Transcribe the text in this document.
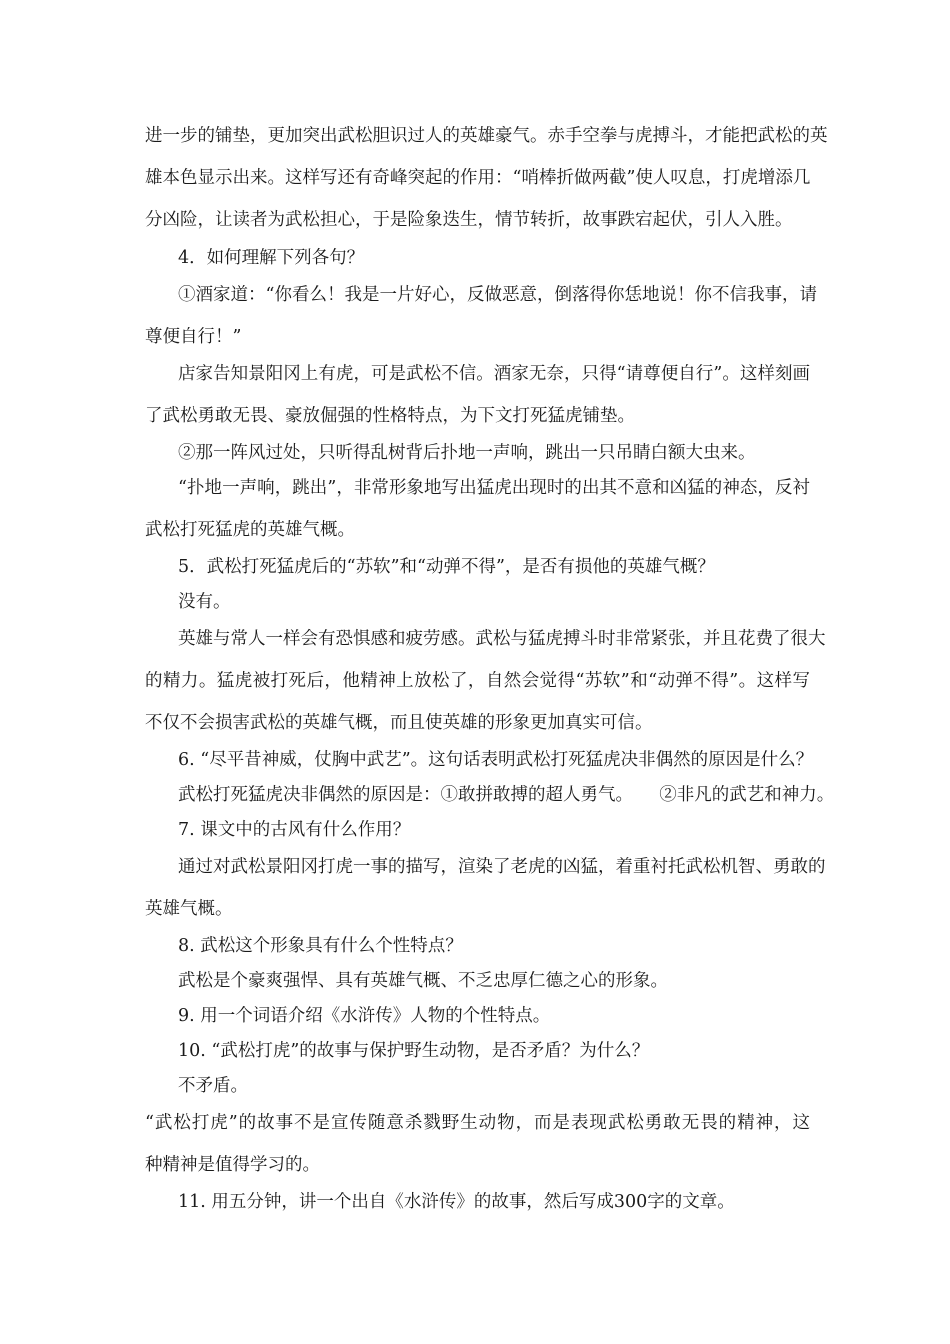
进一步的铺垫，更加突出武松胆识过人的英雄豪气。赤手空拳与虎搏斗，才能把武松的英
雄本色显示出来。这样写还有奇峰突起的作用：“哨棒折做两截”使人叹息，打虎增添几
分凶险，让读者为武松担心，于是险象迭生，情节转折，故事跌宕起伏，引人入胜。
4．如何理解下列各句？
①酒家道：“你看么！我是一片好心，反做恶意，倒落得你恁地说！你不信我事，请
尊便自行！”
店家告知景阳冈上有虎，可是武松不信。酒家无奈，只得“请尊便自行”。这样刻画
了武松勇敢无畏、豪放倔强的性格特点，为下文打死猛虎铺垫。
②那一阵风过处，只听得乱树背后扑地一声响，跳出一只吊睛白额大虫来。
“扑地一声响，跳出”，非常形象地写出猛虎出现时的出其不意和凶猛的神态，反衬
武松打死猛虎的英雄气概。
5．武松打死猛虎后的“苏软”和“动弹不得”，是否有损他的英雄气概？
没有。
英雄与常人一样会有恐惧感和疲劳感。武松与猛虎搏斗时非常紧张，并且花费了很大
的精力。猛虎被打死后，他精神上放松了，自然会觉得“苏软”和“动弹不得”。这样写
不仅不会损害武松的英雄气概，而且使英雄的形象更加真实可信。
6. “尽平昔神威，仗胸中武艺”。这句话表明武松打死猛虎决非偶然的原因是什么？
武松打死猛虎决非偶然的原因是：①敢拼敢搏的超人勇气。　　②非凡的武艺和神力。
7. 课文中的古风有什么作用？
通过对武松景阳冈打虎一事的描写，渲染了老虎的凶猛，着重衬托武松机智、勇敢的
英雄气概。
8. 武松这个形象具有什么个性特点？
武松是个豪爽强悍、具有英雄气概、不乏忠厚仁德之心的形象。
9. 用一个词语介绍《水浒传》人物的个性特点。
10. “武松打虎”的故事与保护野生动物，是否矛盾？为什么？
不矛盾。
“武松打虎”的故事不是宣传随意杀戮野生动物，而是表现武松勇敢无畏的精神，这
种精神是值得学习的。
11. 用五分钟，讲一个出自《水浒传》的故事，然后写成300字的文章。
